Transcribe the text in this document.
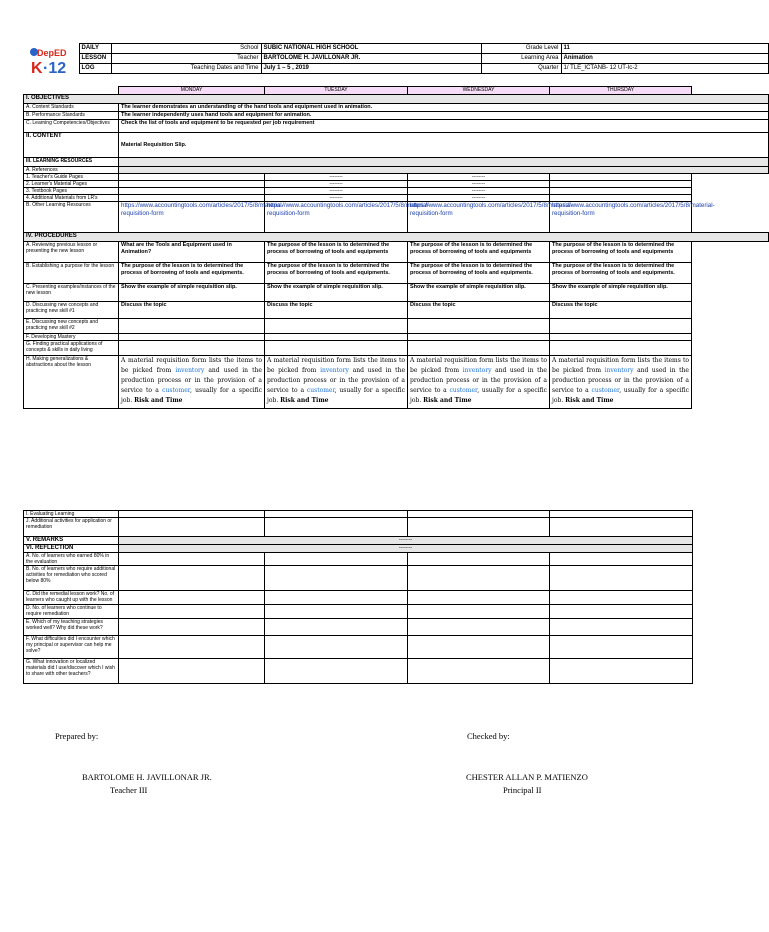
DepED
K ·12
	DAILY	School	SUBIC NATIONAL HIGH SCHOOL	Grade Level	11
	LESSON	Teacher	BARTOLOME H. JAVILLONAR JR.	Learning Area	Animation
	LOG	Teaching Dates and Time	July 1 – 5 , 2019	Quarter	1/ TLE_ICTANB- 12 UT-Ic-2
	MONDAY	TUESDAY	WEDNESDAY	THURSDAY	
I. OBJECTIVES					
A. Content Standards	The learner demonstrates an understanding of the hand tools and equipment used in animation.				
B. Performance Standards	The learner independently uses hand tools and equipment for animation.				
C. Learning Competencies/Objectives	Check the list of tools and equipment to be requested per job requirement				
II. CONTENT	Material Requisition Slip.				
III. LEARNING RESOURCES					
A. References					
1. Teacher's Guide Pages		--------	--------		
2. Learner's Material Pages		--------	--------		
3. Textbook Pages		--------	--------		
4. Additional Materials from LR's		--------	--------		
B. Other Learning Resources	https://www.accountingtools.com/articles/2017/5/8/material-requisition-form	https://www.accountingtools.com/articles/2017/5/8/material-requisition-form	https://www.accountingtools.com/articles/2017/5/8/material-requisition-form	https://www.accountingtools.com/articles/2017/5/8/material-requisition-form	
IV. PROCEDURES					
A. Reviewing previous lesson or presenting the new lesson	What are the Tools and Equipment used in Animation?	The purpose of the lesson is to determined the process of borrowing of tools and equipments	The purpose of the lesson is to determined the process of borrowing of tools and equipments	The purpose of the lesson is to determined the process of borrowing of tools and equipments	
B. Establishing a purpose for the lesson	The purpose of the lesson is to determined the process of borrowing of tools and equipments.	The purpose of the lesson is to determined the process of borrowing of tools and equipments.	The purpose of the lesson is to determined the process of borrowing of tools and equipments.	The purpose of the lesson is to determined the process of borrowing of tools and equipments.	
C. Presenting examples/instances of the new lesson	Show the example of simple requisition slip.	Show the example of simple requisition slip.	Show the example of simple requisition slip.	Show the example of simple requisition slip.	
D. Discussing new concepts and practicing new skill #1	Discuss the topic	Discuss the topic	Discuss the topic	Discuss the topic	
E. Discussing new concepts and practicing new skill #2					
F. Developing Mastery					
G. Finding practical applications of concepts & skills in daily living					
H. Making generalizations & abstractions about the lesson	A material requisition form lists the items to be picked from inventory and used in the production process or in the provision of a service to a customer, usually for a specific job. Risk and Time	A material requisition form lists the items to be picked from inventory and used in the production process or in the provision of a service to a customer, usually for a specific job. Risk and Time	A material requisition form lists the items to be picked from inventory and used in the production process or in the provision of a service to a customer, usually for a specific job. Risk and Time	A material requisition form lists the items to be picked from inventory and used in the production process or in the provision of a service to a customer, usually for a specific job. Risk and Time	
I. Evaluating Learning				
J. Additional activities for application or remediation				
V. REMARKS	--------			
VI. REFLECTION	--------			
A. No. of learners who earned 80% in the evaluation				
B. No. of learners who require additional activities for remediation who scored below 80%				
C. Did the remedial lesson work? No. of learners who caught up with the lesson				
D. No. of learners who continue to require remediation				
E. Which of my teaching strategies worked well? Why did these work?				
F. What difficulties did I encounter which my principal or supervisor can help me solve?				
G. What innovation or localized materials did I use/discover which I wish to share with other teachers?				
Prepared by:	Checked by:
BARTOLOME H. JAVILLONAR JR.
Teacher III
CHESTER ALLAN P. MATIENZO
Principal II
